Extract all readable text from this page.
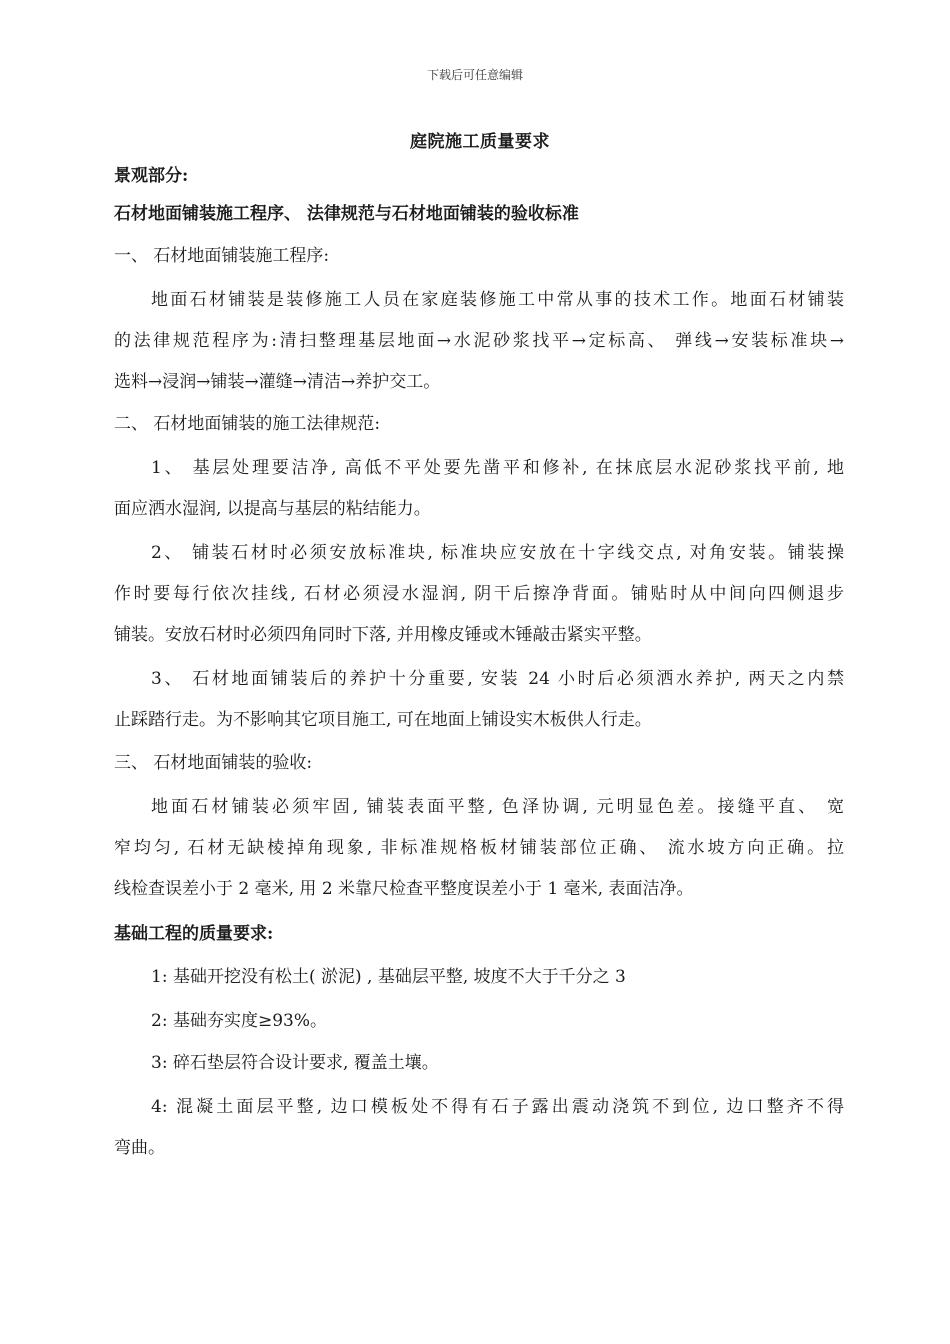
下载后可任意编辑
庭院施工质量要求
景观部分:
石材地面铺装施工程序、 法律规范与石材地面铺装的验收标准
一、 石材地面铺装施工程序:
地面石材铺装是装修施工人员在家庭装修施工中常从事的技术工作。地面石材铺装
的法律规范程序为:清扫整理基层地面→水泥砂浆找平→定标高、 弹线→安装标准块→
选料→浸润→铺装→灌缝→清洁→养护交工。
二、 石材地面铺装的施工法律规范:
1、 基层处理要洁净, 高低不平处要先凿平和修补, 在抹底层水泥砂浆找平前, 地
面应洒水湿润, 以提高与基层的粘结能力。
2、 铺装石材时必须安放标准块, 标准块应安放在十字线交点, 对角安装。铺装操
作时要每行依次挂线, 石材必须浸水湿润, 阴干后擦净背面。铺贴时从中间向四侧退步
铺装。安放石材时必须四角同时下落, 并用橡皮锤或木锤敲击紧实平整。
3、 石材地面铺装后的养护十分重要, 安装 24 小时后必须洒水养护, 两天之内禁
止踩踏行走。为不影响其它项目施工, 可在地面上铺设实木板供人行走。
三、 石材地面铺装的验收:
地面石材铺装必须牢固, 铺装表面平整, 色泽协调, 元明显色差。接缝平直、 宽
窄均匀, 石材无缺棱掉角现象, 非标准规格板材铺装部位正确、 流水坡方向正确。拉
线检查误差小于 2 毫米, 用 2 米靠尺检查平整度误差小于 1 毫米, 表面洁净。
基础工程的质量要求:
1: 基础开挖没有松土( 淤泥) , 基础层平整, 坡度不大于千分之 3
2: 基础夯实度≥93%。
3: 碎石垫层符合设计要求, 覆盖土壤。
4: 混凝土面层平整, 边口模板处不得有石子露出震动浇筑不到位, 边口整齐不得
弯曲。
